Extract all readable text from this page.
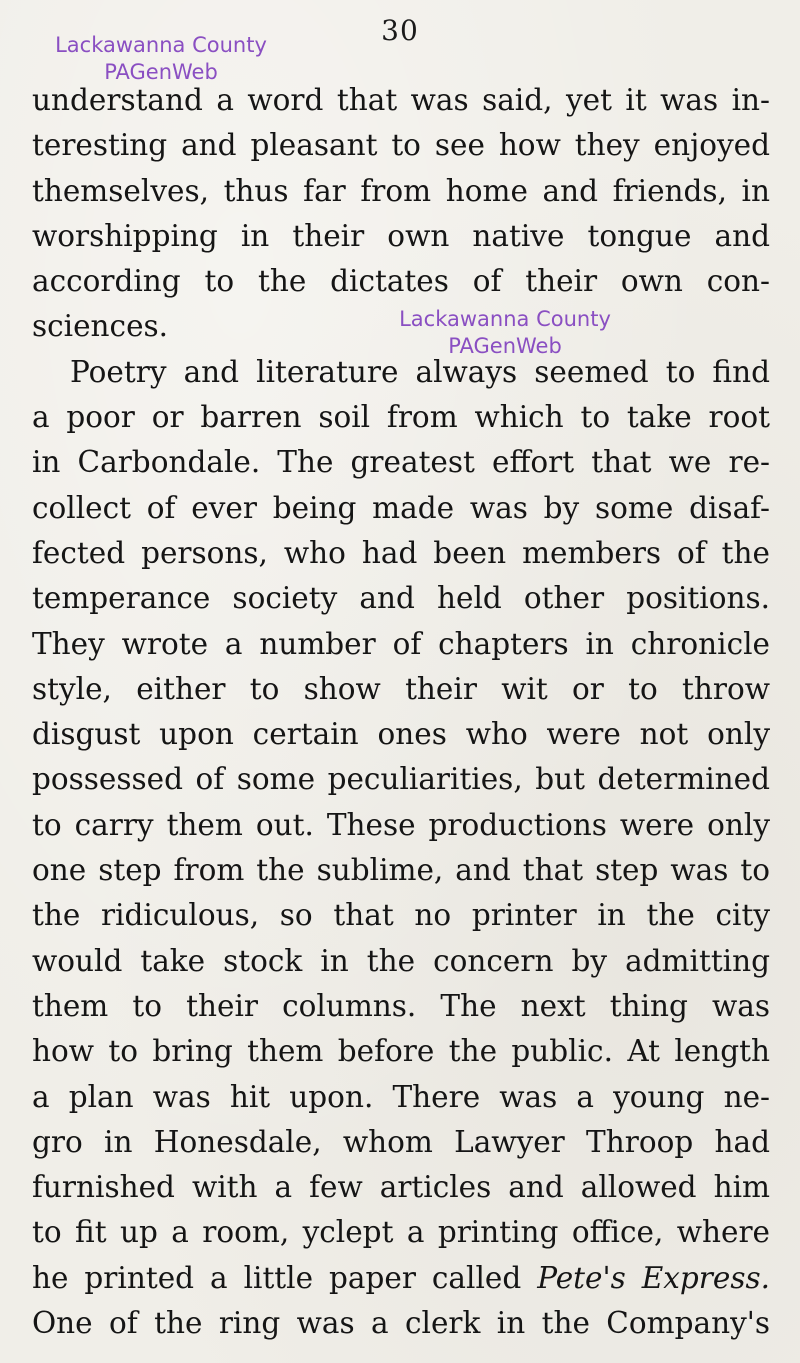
30
Lackawanna County
PAGenWeb
understand a word that was said, yet it was in-
teresting and pleasant to see how they enjoyed
themselves, thus far from home and friends, in
worshipping in their own native tongue and
according to the dictates of their own con-
sciences.
Poetry and literature always seemed to find
a poor or barren soil from which to take root
in Carbondale. The greatest effort that we re-
collect of ever being made was by some disaf-
fected persons, who had been members of the
temperance society and held other positions.
They wrote a number of chapters in chronicle
style, either to show their wit or to throw
disgust upon certain ones who were not only
possessed of some peculiarities, but determined
to carry them out. These productions were only
one step from the sublime, and that step was to
the ridiculous, so that no printer in the city
would take stock in the concern by admitting
them to their columns. The next thing was
how to bring them before the public. At length
a plan was hit upon. There was a young ne-
gro in Honesdale, whom Lawyer Throop had
furnished with a few articles and allowed him
to fit up a room, yclept a printing office, where
he printed a little paper called Pete's Express.
One of the ring was a clerk in the Company's
Lackawanna County
PAGenWeb
